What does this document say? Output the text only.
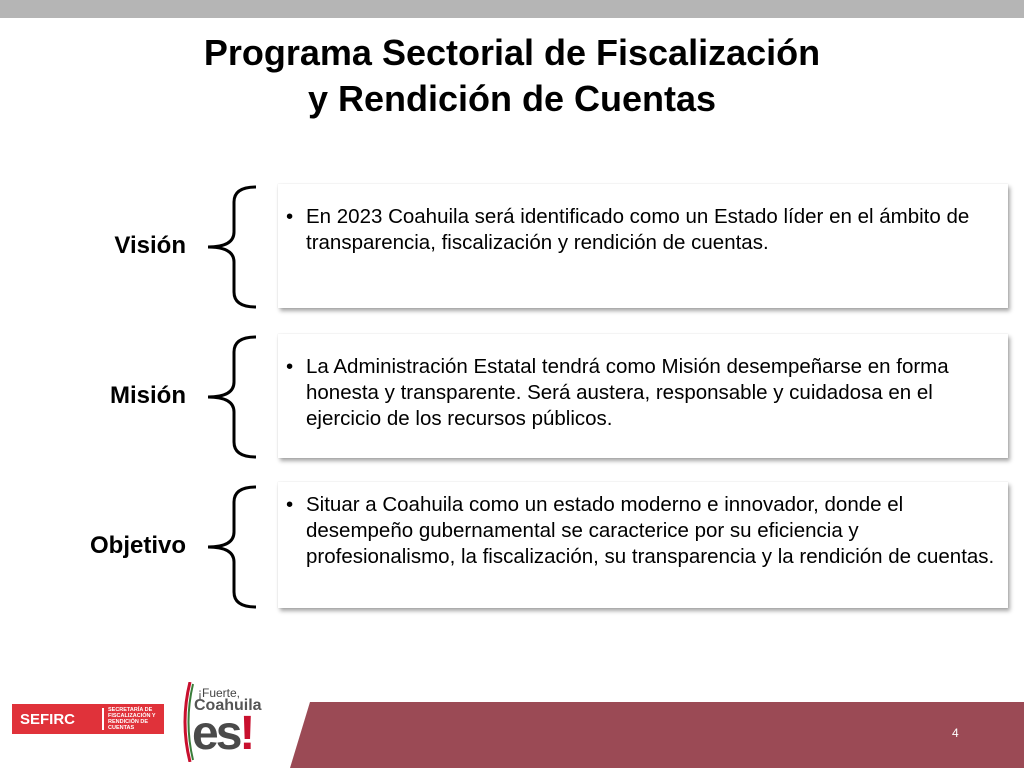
Programa Sectorial de Fiscalización
y Rendición de Cuentas
Visión
• En 2023 Coahuila será identificado como un Estado líder en el ámbito de transparencia, fiscalización y rendición de cuentas.
Misión
• La Administración Estatal tendrá como Misión desempeñarse en forma honesta y transparente. Será austera, responsable y cuidadosa en el ejercicio de los recursos públicos.
Objetivo
• Situar a Coahuila como un estado moderno e innovador, donde el desempeño gubernamental se caracterice por su eficiencia y profesionalismo, la fiscalización, su transparencia y la rendición de cuentas.
SEFIRC
SECRETARÍA DE FISCALIZACIÓN Y RENDICIÓN DE CUENTAS
¡Fuerte,
Coahuila
es!	4
